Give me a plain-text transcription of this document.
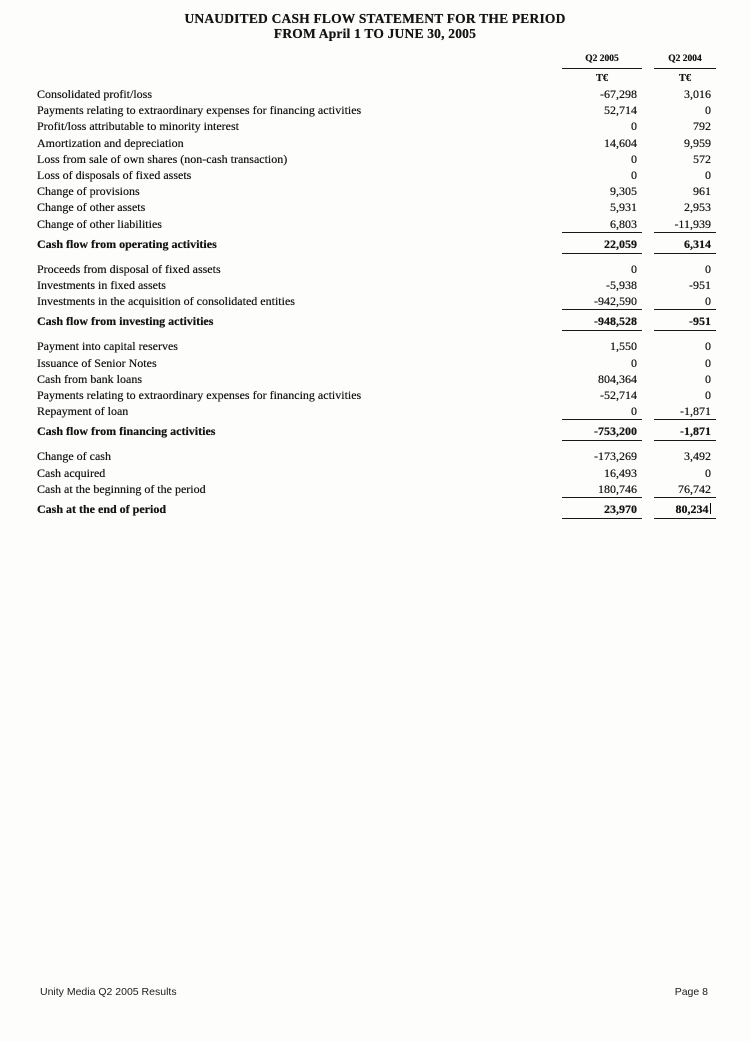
UNAUDITED CASH FLOW STATEMENT FOR THE PERIOD
FROM April 1 TO JUNE 30, 2005
Q2 2005	Q2 2004
T€	T€
Consolidated profit/loss	-67,298	3,016
Payments relating to extraordinary expenses for financing activities	52,714	0
Profit/loss attributable to minority interest	0	792
Amortization and depreciation	14,604	9,959
Loss from sale of own shares (non-cash transaction)	0	572
Loss of disposals of fixed assets	0	0
Change of provisions	9,305	961
Change of other assets	5,931	2,953
Change of other liabilities	6,803	-11,939
Cash flow from operating activities	22,059	6,314
Proceeds from disposal of fixed assets	0	0
Investments in fixed assets	-5,938	-951
Investments in the acquisition of consolidated entities	-942,590	0
Cash flow from investing activities	-948,528	-951
Payment into capital reserves	1,550	0
Issuance of Senior Notes	0	0
Cash from bank loans	804,364	0
Payments relating to extraordinary expenses for financing activities	-52,714	0
Repayment of loan	0	-1,871
Cash flow from financing activities	-753,200	-1,871
Change of cash	-173,269	3,492
Cash acquired	16,493	0
Cash at the beginning of the period	180,746	76,742
Cash at the end of period	23,970	80,234
Unity Media Q2 2005 Results	Page 8
